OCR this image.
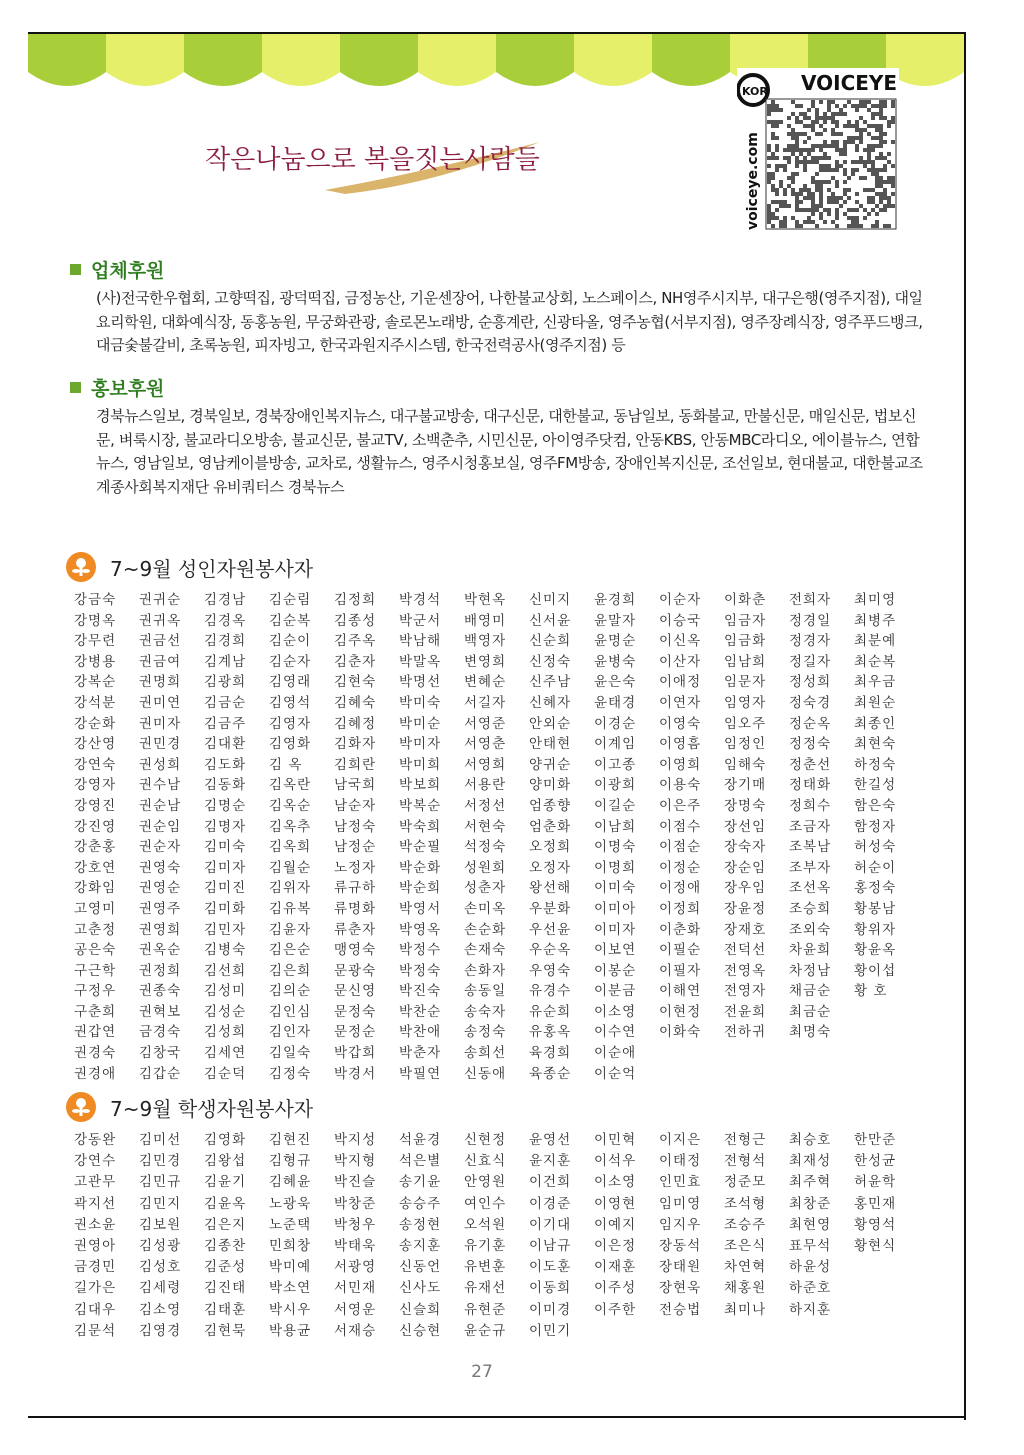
작은나눔으로 복을짓는사람들
VOICEYE
KOR
voiceye.com
업체후원
(사)전국한우협회, 고향떡집, 광덕떡집, 금정농산, 기운센장어, 나한불교상회, 노스페이스, NH영주시지부, 대구은행(영주지점), 대일요리학원, 대화예식장, 동홍농원, 무궁화관광, 솔로몬노래방, 순흥계란, 신광타올, 영주농협(서부지점), 영주장례식장, 영주푸드뱅크, 대금숯불갈비, 초록농원, 피자빙고, 한국과원지주시스템, 한국전력공사(영주지점) 등
홍보후원
경북뉴스일보, 경북일보, 경북장애인복지뉴스, 대구불교방송, 대구신문, 대한불교, 동남일보, 동화불교, 만불신문, 매일신문, 법보신문, 벼룩시장, 불교라디오방송, 불교신문, 불교TV, 소백춘추, 시민신문, 아이영주닷컴, 안동KBS, 안동MBC라디오, 에이블뉴스, 연합뉴스, 영남일보, 영남케이블방송, 교차로, 생활뉴스, 영주시청홍보실, 영주FM방송, 장애인복지신문, 조선일보, 현대불교, 대한불교조계종사회복지재단 유비쿼터스 경북뉴스
7~9월 성인자원봉사자
강금숙
강명옥
강무련
강병용
강복순
강석분
강순화
강산영
강연숙
강영자
강영진
강진영
강춘홍
강호연
강화임
고영미
고춘정
공은숙
구근학
구정우
구춘희
권갑연
권경숙
권경애
권귀순
권귀옥
권금선
권금여
권명희
권미연
권미자
권민경
권성희
권수남
권순남
권순임
권순자
권영숙
권영순
권영주
권영희
권옥순
권정희
권종숙
권혁보
금경숙
김창국
김갑순
김경남
김경옥
김경희
김계남
김광희
김금순
김금주
김대환
김도화
김동화
김명순
김명자
김미숙
김미자
김미진
김미화
김민자
김병숙
김선희
김성미
김성순
김성희
김세연
김순덕
김순림
김순복
김순이
김순자
김영래
김영석
김영자
김영화
김 옥
김옥란
김옥순
김옥추
김옥희
김월순
김위자
김유복
김윤자
김은순
김은희
김의순
김인심
김인자
김일숙
김정숙
김정희
김종성
김주옥
김춘자
김현숙
김혜숙
김혜정
김화자
김희란
남국희
남순자
남정숙
남정순
노정자
류규하
류명화
류춘자
맹영숙
문광숙
문신영
문정숙
문정순
박갑희
박경서
박경석
박군서
박남해
박말옥
박명선
박미숙
박미순
박미자
박미희
박보희
박복순
박숙희
박순필
박순화
박순희
박영서
박영옥
박정수
박정숙
박진숙
박찬순
박찬애
박춘자
박필연
박현옥
배영미
백영자
변영희
변혜순
서길자
서영준
서영춘
서영희
서용란
서정선
서현숙
석정숙
성원희
성춘자
손미옥
손순화
손재숙
손화자
송동일
송숙자
송정숙
송희선
신동애
신미지
신서윤
신순희
신정숙
신주남
신혜자
안외순
안태현
양귀순
양미화
엄종향
엄춘화
오정희
오정자
왕선해
우분화
우선윤
우순옥
우영숙
유경수
유순희
유홍옥
육경희
육종순
윤경희
윤말자
윤명순
윤병숙
윤은숙
윤태경
이경순
이계임
이고종
이광희
이길순
이남희
이명숙
이명희
이미숙
이미아
이미자
이보연
이봉순
이분금
이소영
이수연
이순애
이순억
이순자
이승국
이신옥
이산자
이애정
이연자
이영숙
이영흠
이영희
이용숙
이은주
이점수
이점순
이정순
이정애
이정희
이춘화
이필순
이필자
이해연
이현정
이화숙
이화춘
임금자
임금화
임남희
임문자
임영자
임오주
임정인
임해숙
장기매
장명숙
장선임
장숙자
장순임
장우임
장윤정
장재호
전덕선
전영옥
전영자
전윤희
전하귀
전희자
정경일
정경자
정길자
정성희
정숙경
정순옥
정정숙
정춘선
정태화
정희수
조금자
조복남
조부자
조선옥
조승희
조외숙
차윤희
차정남
채금순
최금순
최명숙
최미영
최병주
최분예
최순복
최우금
최원순
최종인
최현숙
하정숙
한길성
함은숙
함정자
허성숙
허순이
홍정숙
황봉남
황위자
황윤옥
황이섭
황 호
7~9월 학생자원봉사자
강동완
강연수
고관무
곽지선
권소윤
권영아
금경민
길가은
김대우
김문석
김미선
김민경
김민규
김민지
김보원
김성광
김성호
김세령
김소영
김영경
김영화
김왕섭
김윤기
김윤옥
김은지
김종찬
김준성
김진태
김태훈
김현묵
김현진
김형규
김혜윤
노광욱
노준택
민희창
박미예
박소연
박시우
박용균
박지성
박지형
박진슬
박창준
박청우
박태욱
서광영
서민재
서영운
서재승
석윤경
석은별
송기윤
송승주
송정현
송지훈
신동언
신사도
신슬희
신승현
신현정
신효식
안영원
여인수
오석원
유기훈
유변훈
유재선
유현준
윤순규
윤영선
윤지훈
이건희
이경준
이기대
이남규
이도훈
이동희
이미경
이민기
이민혁
이석우
이소영
이영현
이예지
이은정
이재훈
이주성
이주한
이지은
이태정
인민효
임미영
임지우
장동석
장태원
장현욱
전승법
전형근
전형석
정준모
조석형
조승주
조은식
차연혁
채홍원
최미나
최승호
최재성
최주혁
최창준
최현영
표무석
하윤성
하준호
하지훈
한만준
한성균
허윤학
홍민재
황영석
황현식
27
